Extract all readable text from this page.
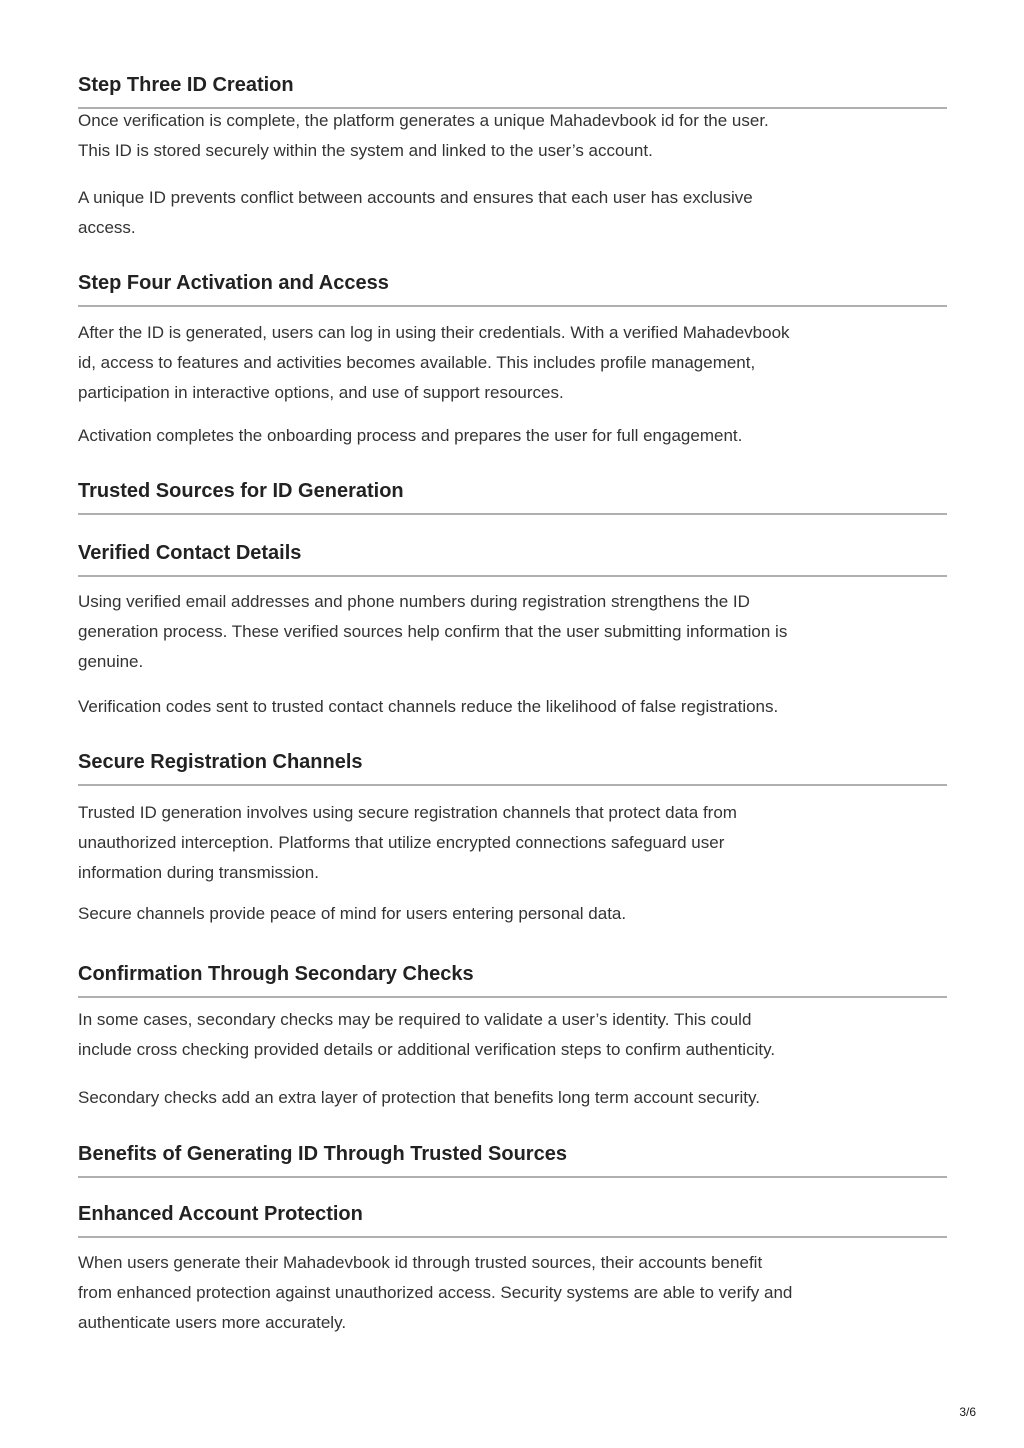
Step Three ID Creation

Once verification is complete, the platform generates a unique Mahadevbook id for the user.
This ID is stored securely within the system and linked to the user’s account.

A unique ID prevents conflict between accounts and ensures that each user has exclusive
access.

Step Four Activation and Access

After the ID is generated, users can log in using their credentials. With a verified Mahadevbook
id, access to features and activities becomes available. This includes profile management,
participation in interactive options, and use of support resources.

Activation completes the onboarding process and prepares the user for full engagement.

Trusted Sources for ID Generation
Verified Contact Details

Using verified email addresses and phone numbers during registration strengthens the ID
generation process. These verified sources help confirm that the user submitting information is
genuine.

Verification codes sent to trusted contact channels reduce the likelihood of false registrations.

Secure Registration Channels

Trusted ID generation involves using secure registration channels that protect data from
unauthorized interception. Platforms that utilize encrypted connections safeguard user
information during transmission.

Secure channels provide peace of mind for users entering personal data.

Confirmation Through Secondary Checks

In some cases, secondary checks may be required to validate a user’s identity. This could
include cross checking provided details or additional verification steps to confirm authenticity.

Secondary checks add an extra layer of protection that benefits long term account security.

Benefits of Generating ID Through Trusted Sources
Enhanced Account Protection

When users generate their Mahadevbook id through trusted sources, their accounts benefit
from enhanced protection against unauthorized access. Security systems are able to verify and
authenticate users more accurately.

3/6
